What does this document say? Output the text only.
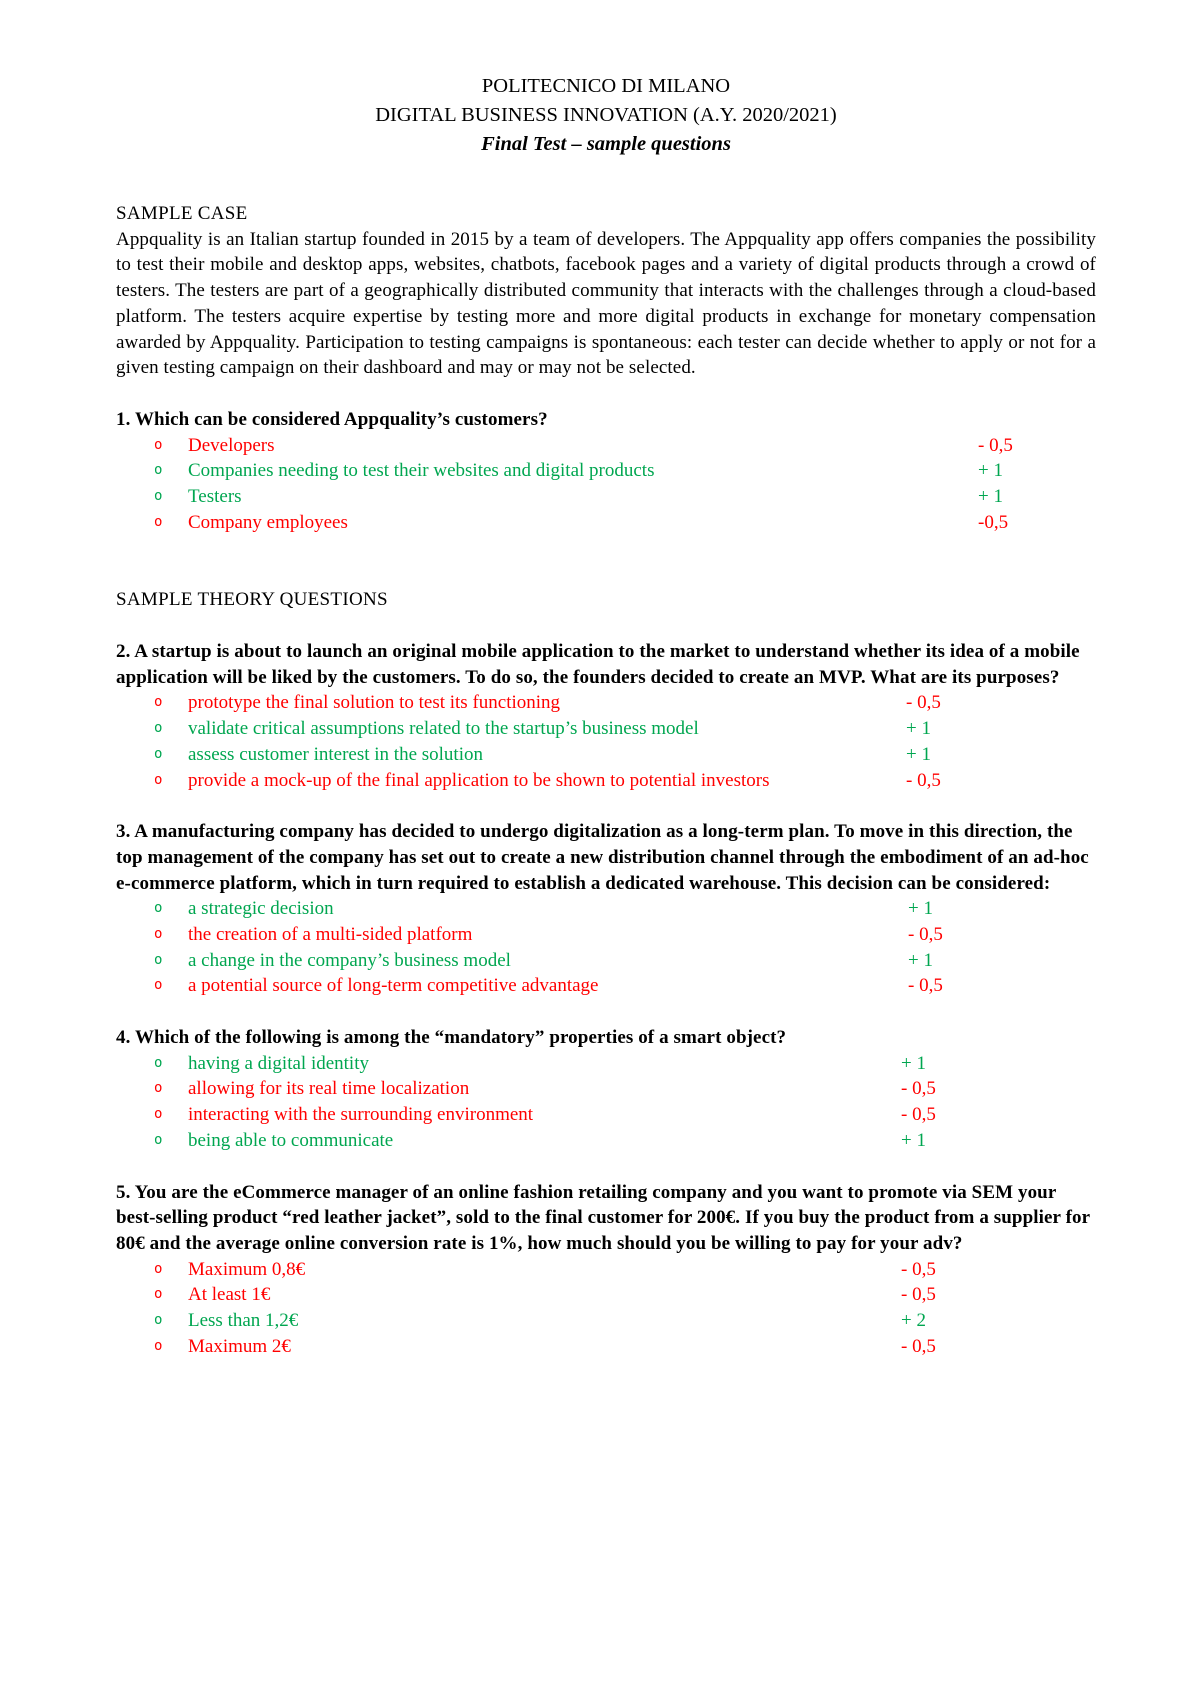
POLITECNICO DI MILANO
DIGITAL BUSINESS INNOVATION (A.Y. 2020/2021)
Final Test – sample questions
SAMPLE CASE
Appquality is an Italian startup founded in 2015 by a team of developers. The Appquality app offers companies the possibility to test their mobile and desktop apps, websites, chatbots, facebook pages and a variety of digital products through a crowd of testers. The testers are part of a geographically distributed community that interacts with the challenges through a cloud-based platform. The testers acquire expertise by testing more and more digital products in exchange for monetary compensation awarded by Appquality. Participation to testing campaigns is spontaneous: each tester can decide whether to apply or not for a given testing campaign on their dashboard and may or may not be selected.
1. Which can be considered Appquality’s customers?
o Developers	- 0,5
o Companies needing to test their websites and digital products	+ 1
o Testers	+ 1
o Company employees	-0,5
SAMPLE THEORY QUESTIONS
2. A startup is about to launch an original mobile application to the market to understand whether its idea of a mobile application will be liked by the customers. To do so, the founders decided to create an MVP. What are its purposes?
o prototype the final solution to test its functioning	- 0,5
o validate critical assumptions related to the startup’s business model	+ 1
o assess customer interest in the solution	+ 1
o provide a mock-up of the final application to be shown to potential investors	- 0,5
3. A manufacturing company has decided to undergo digitalization as a long-term plan. To move in this direction, the top management of the company has set out to create a new distribution channel through the embodiment of an ad-hoc e-commerce platform, which in turn required to establish a dedicated warehouse. This decision can be considered:
o a strategic decision	+ 1
o the creation of a multi-sided platform	- 0,5
o a change in the company’s business model	+ 1
o a potential source of long-term competitive advantage	- 0,5
4. Which of the following is among the “mandatory” properties of a smart object?
o having a digital identity	+ 1
o allowing for its real time localization	- 0,5
o interacting with the surrounding environment	- 0,5
o being able to communicate	+ 1
5. You are the eCommerce manager of an online fashion retailing company and you want to promote via SEM your best-selling product “red leather jacket”, sold to the final customer for 200€. If you buy the product from a supplier for 80€ and the average online conversion rate is 1%, how much should you be willing to pay for your adv?
o Maximum 0,8€	- 0,5
o At least 1€	- 0,5
o Less than 1,2€	+ 2
o Maximum 2€	- 0,5
